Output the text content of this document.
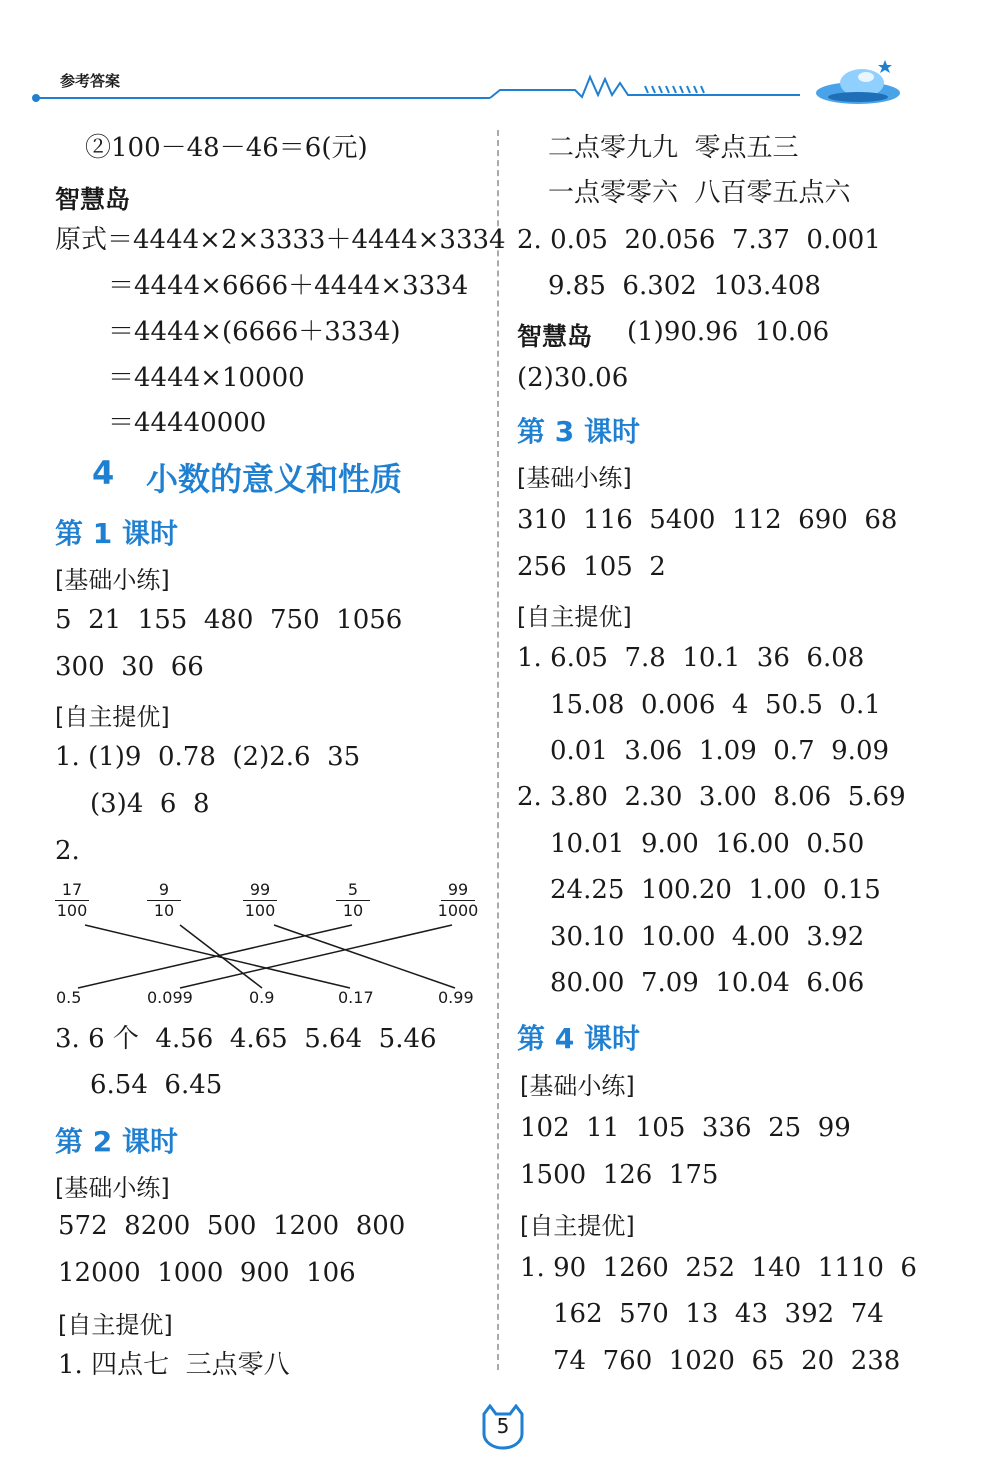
参考答案
②100－48－46＝6(元)
智慧岛
原式＝4444×2×3333＋4444×3334
＝4444×6666＋4444×3334
＝4444×(6666＋3334)
＝4444×10000
＝44440000
4 小数的意义和性质
第 1 课时
[基础小练]
5  21  155  480  750  1056
300  30  66
[自主提优]
1. (1)9  0.78  (2)2.6  35
(3)4  6  8
2.
17
100
9
10
99
100
5
10
99
1000
0.5	0.099	0.9	0.17	0.99
3. 6 个  4.56  4.65  5.64  5.46
6.54  6.45
第 2 课时
[基础小练]
572  8200  500  1200  800
12000  1000  900  106
[自主提优]
1. 四点七  三点零八
二点零九九  零点五三
一点零零六  八百零五点六
2. 0.05  20.056  7.37  0.001
9.85  6.302  103.408
智慧岛 (1)90.96  10.06
(2)30.06
第 3 课时
[基础小练]
310  116  5400  112  690  68
256  105  2
[自主提优]
1. 6.05  7.8  10.1  36  6.08
15.08  0.006  4  50.5  0.1
0.01  3.06  1.09  0.7  9.09
2. 3.80  2.30  3.00  8.06  5.69
10.01  9.00  16.00  0.50
24.25  100.20  1.00  0.15
30.10  10.00  4.00  3.92
80.00  7.09  10.04  6.06
第 4 课时
[基础小练]
102  11  105  336  25  99
1500  126  175
[自主提优]
1. 90  1260  252  140  1110  6
162  570  13  43  392  74
74  760  1020  65  20  238
5
